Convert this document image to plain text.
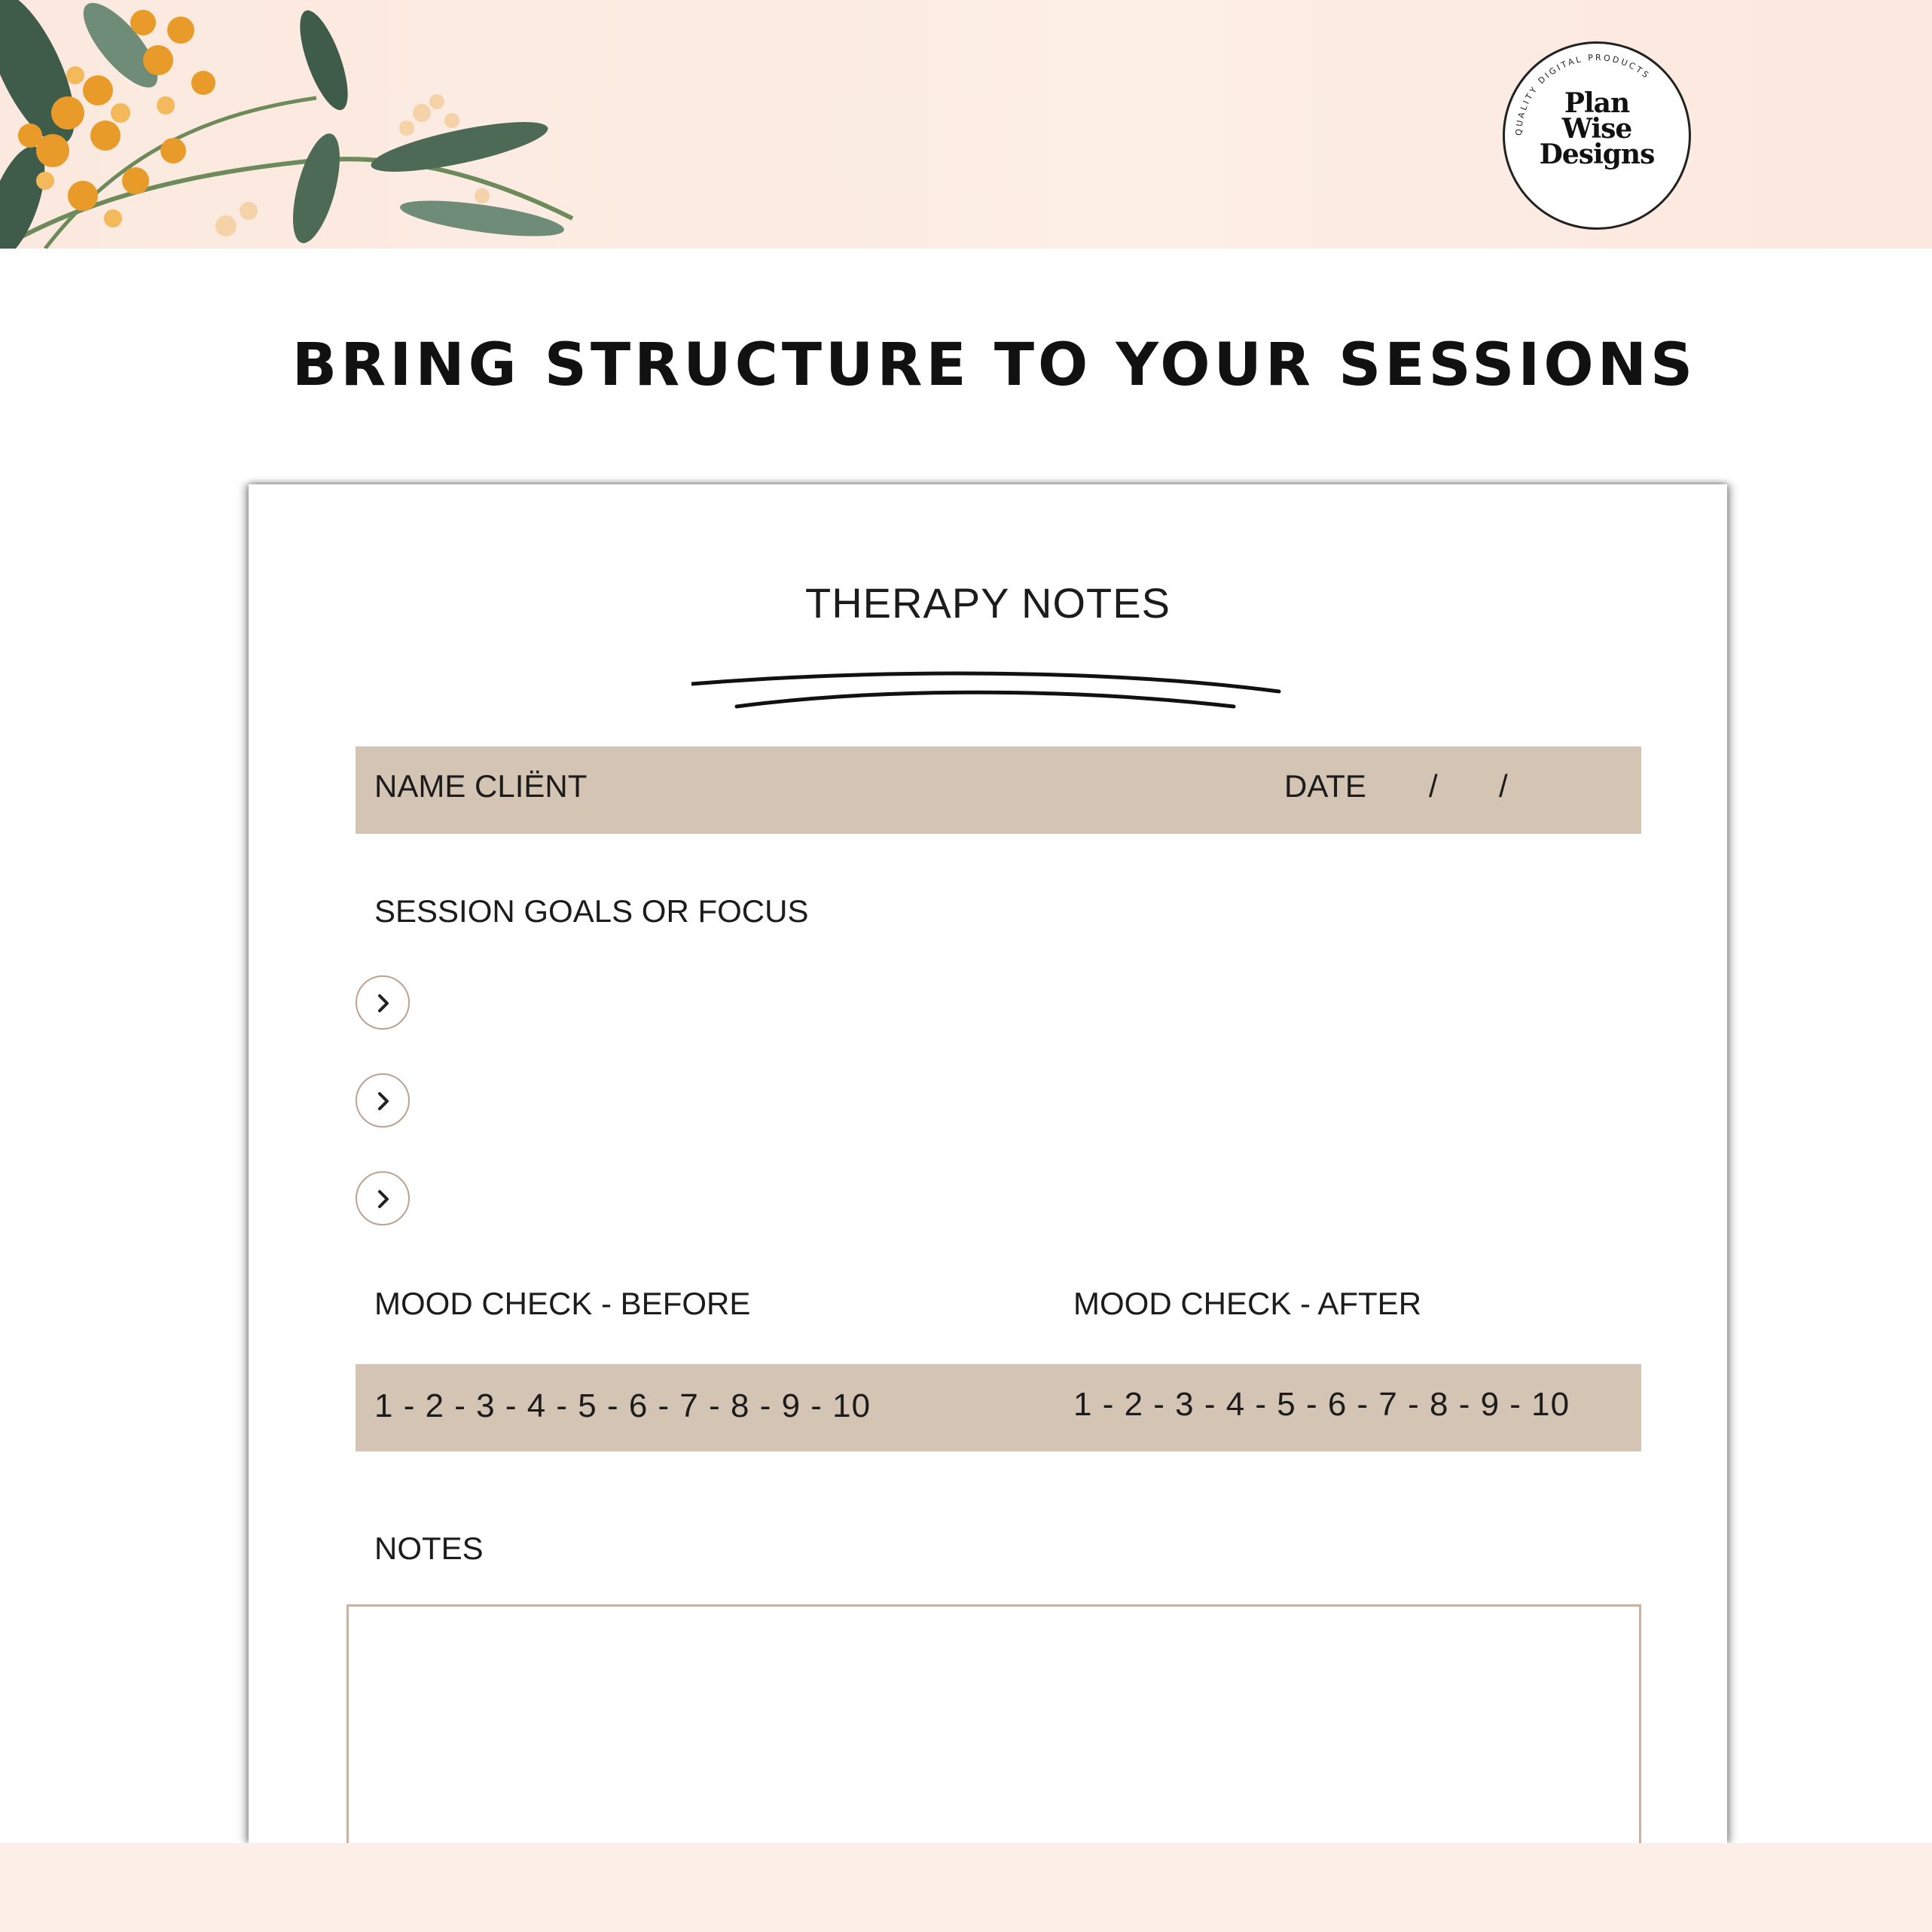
QUALITY DIGITAL PRODUCTS
Plan
Wise
Designs
BRING STRUCTURE TO YOUR SESSIONS
THERAPY NOTES
NAME CLIËNT	DATE / /
SESSION GOALS OR FOCUS
MOOD CHECK - BEFORE	MOOD CHECK - AFTER
1 - 2 - 3 - 4 - 5 - 6 - 7 - 8 - 9 - 10	1 - 2 - 3 - 4 - 5 - 6 - 7 - 8 - 9 - 10
NOTES
